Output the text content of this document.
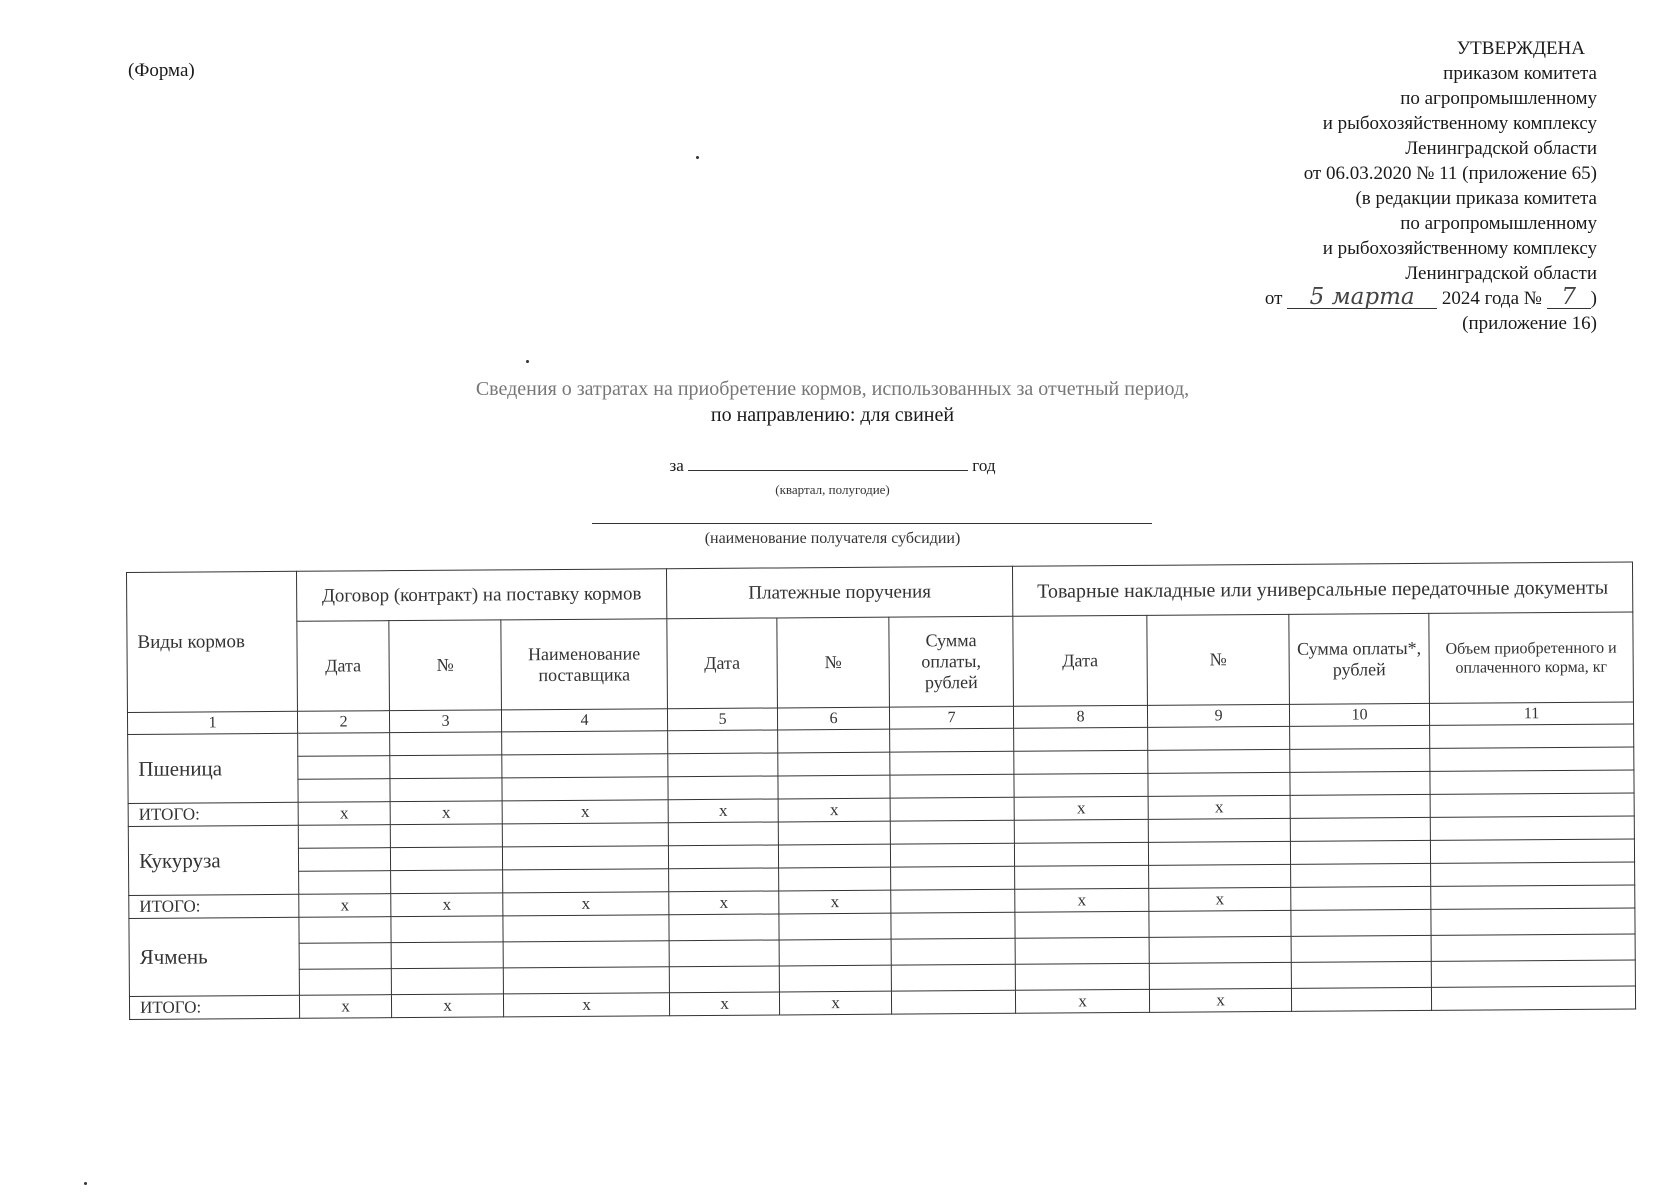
(Форма)
УТВЕРЖДЕНА
приказом комитета
по агропромышленному
и рыбохозяйственному комплексу
Ленинградской области
от 06.03.2020 № 11 (приложение 65)
(в редакции приказа комитета
по агропромышленному
и рыбохозяйственному комплексу
Ленинградской области
от 5 марта 2024 года № 7 )
(приложение 16)
Сведения о затратах на приобретение кормов, использованных за отчетный период,
по направлению: для свиней
за	год
(квартал, полугодие)
(наименование получателя субсидии)
Виды кормов	Договор (контракт) на поставку кормов			Платежные поручения			Товарные накладные или универсальные передаточные документы			
	Дата	№	Наименование поставщика	Дата	№	Сумма оплаты, рублей	Дата	№	Сумма оплаты*, рублей	Объем приобретенного и оплаченного корма, кг
1	2	3	4	5	6	7	8	9	10	11
Пшеница										

ИТОГО:	х	х	х	х	х		х	х		
Кукуруза										

ИТОГО:	х	х	х	х	х		х	х		
Ячмень										

ИТОГО:	х	х	х	х	х		х	х		
